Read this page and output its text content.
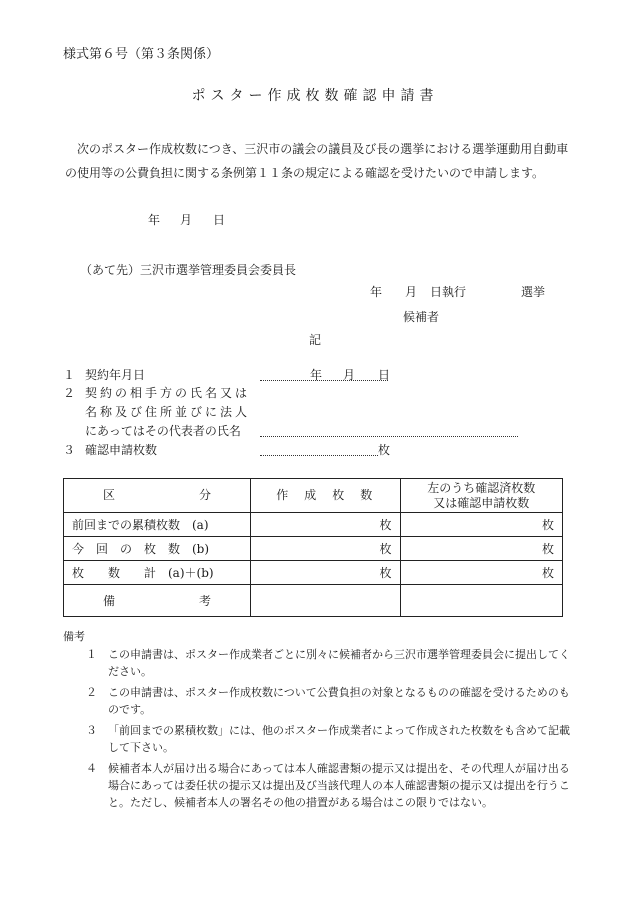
様式第６号（第３条関係）
ポスター作成枚数確認申請書
次のポスター作成枚数につき、三沢市の議会の議員及び長の選挙における選挙運動用自動車の使用等の公費負担に関する条例第１１条の規定による確認を受けたいので申請します。
年 月 日
（あて先）三沢市選挙管理委員会委員長
年 月 日執行	選挙
候補者
記
１ 契約年月日	年 月 日
２ 契約の相手方の氏名又は
名称及び住所並びに法人
にあってはその代表者の氏名
３ 確認申請枚数	枚
区　　　　　　　分	作　成　枚　数	左のうち確認済枚数
又は確認申請枚数
前回までの累積枚数　(a)	枚	枚
今　回　の　枚　数　(b)	枚	枚
枚　　数　　計　(a)＋(b)	枚	枚
備　　　　　　　考		
備考
１	この申請書は、ポスター作成業者ごとに別々に候補者から三沢市選挙管理委員会に提出してください。
２	この申請書は、ポスター作成枚数について公費負担の対象となるものの確認を受けるためのものです。
３	「前回までの累積枚数」には、他のポスター作成業者によって作成された枚数をも含めて記載して下さい。
４	候補者本人が届け出る場合にあっては本人確認書類の提示又は提出を、その代理人が届け出る場合にあっては委任状の提示又は提出及び当該代理人の本人確認書類の提示又は提出を行うこと。ただし、候補者本人の署名その他の措置がある場合はこの限りではない。
